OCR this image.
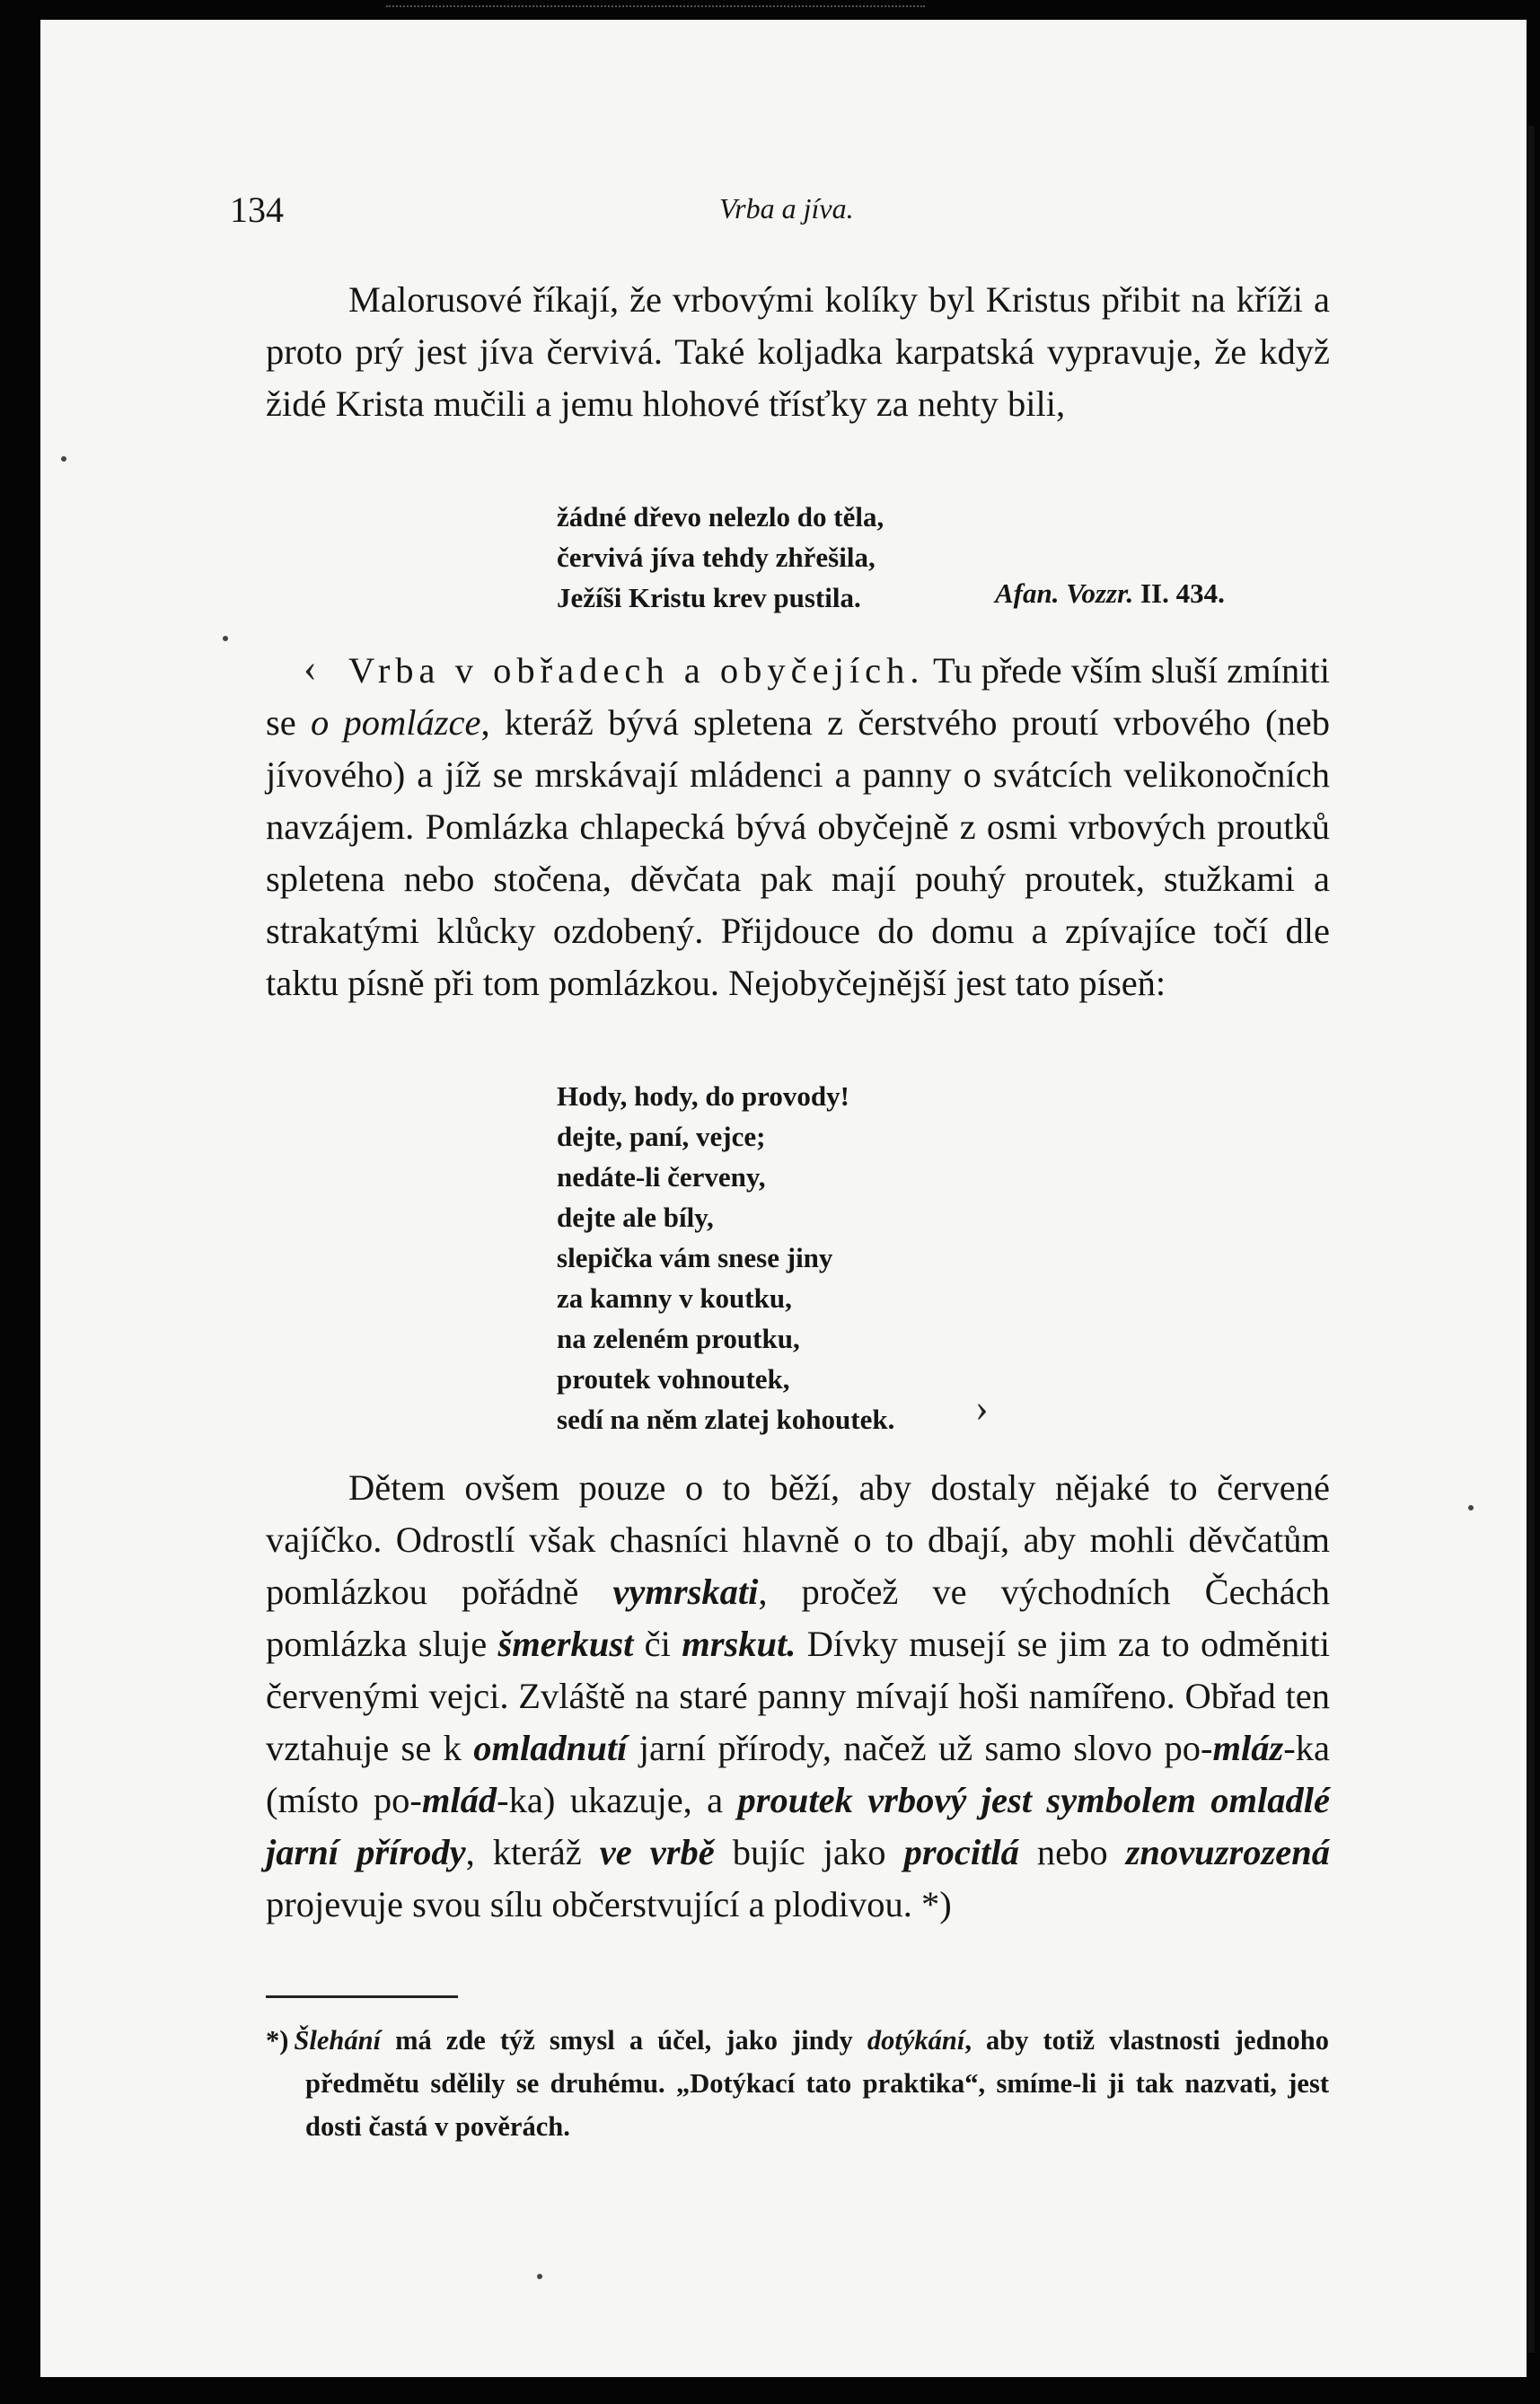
134	Vrba a jíva.

Malorusové říkají, že vrbovými kolíky byl Kristus přibit na kříži a proto prý jest jíva červivá. Také koljadka karpatská vypravuje, že když židé Krista mučili a jemu hlohové třísťky za nehty bili,

žádné dřevo nelezlo do těla,
červivá jíva tehdy zhřešila,
Ježíši Kristu krev pustila.	Afan. Vozzr. II. 434.
‹ Vrba v obřadech a obyčejích. Tu přede vším sluší zmíniti se o pomlázce, kteráž bývá spletena z čerstvého proutí vrbového (neb jívového) a jíž se mrskávají mládenci a panny o svátcích velikonočních navzájem. Pomlázka chlapecká bývá obyčejně z osmi vrbových proutků spletena nebo stočena, děvčata pak mají pouhý proutek, stužkami a strakatými klůcky ozdobený. Přijdouce do domu a zpívajíce točí dle taktu písně při tom pomlázkou. Nejobyčejnější jest tato píseň:

Hody, hody, do provody!
dejte, paní, vejce;
nedáte-li červeny,
dejte ale bíly,
slepička vám snese jiny
za kamny v koutku,
na zeleném proutku,
proutek vohnoutek,
sedí na něm zlatej kohoutek. ›

Dětem ovšem pouze o to běží, aby dostaly nějaké to červené vajíčko. Odrostlí však chasníci hlavně o to dbají, aby mohli děvčatům pomlázkou pořádně vymrskati, pročež ve východních Čechách pomlázka sluje šmerkust či mrskut. Dívky musejí se jim za to odměniti červenými vejci. Zvláště na staré panny mívají hoši namířeno. Obřad ten vztahuje se k omladnutí jarní přírody, načež už samo slovo po-mláz-ka (místo po-mlád-ka) ukazuje, a proutek vrbový jest symbolem omladlé jarní přírody, kteráž ve vrbě bujíc jako procitlá nebo znovuzrozená projevuje svou sílu občerstvující a plodivou. *)

*) Šlehání má zde týž smysl a účel, jako jindy dotýkání, aby totiž vlastnosti jednoho předmětu sdělily se druhému. „Dotýkací tato praktika“, smíme-li ji tak nazvati, jest dosti častá v pověrách.
